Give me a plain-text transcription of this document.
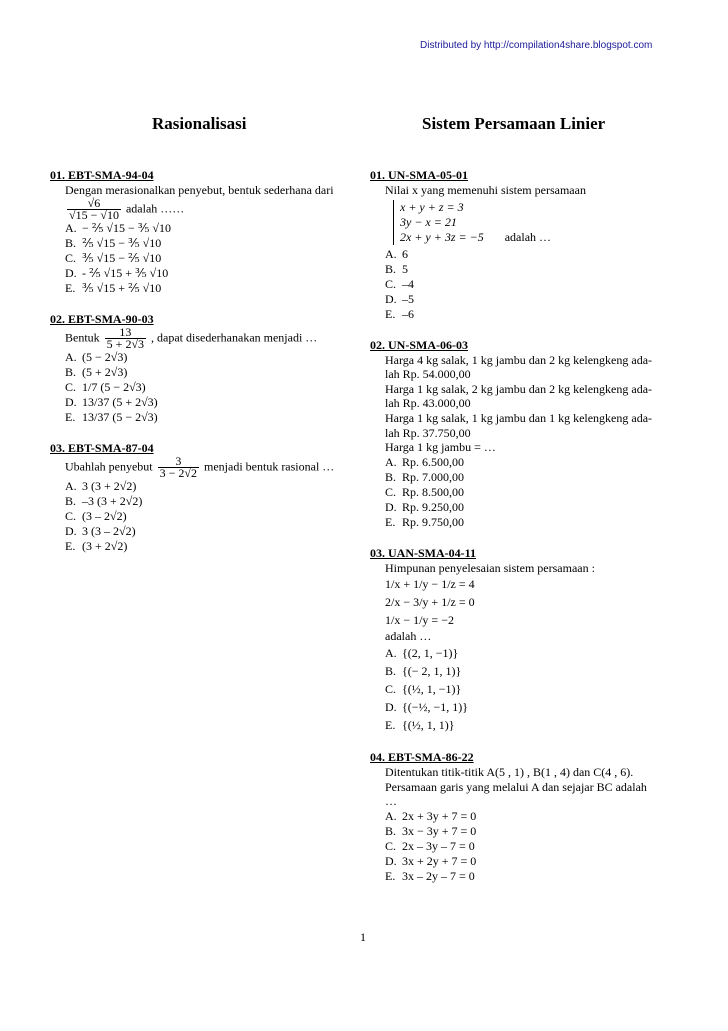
Distributed by http://compilation4share.blogspot.com
Rasionalisasi	Sistem Persamaan Linier
01. EBT-SMA-94-04
Dengan merasionalkan penyebut, bentuk sederhana dari
$\frac{√6}{√15 - √10}$ adalah ……
A. − ⅖ √15 − ⅗ √10
B. ⅖ √15 − ⅗ √10
C. ⅗ √15 − ⅖ √10
D. - ⅖ √15 + ⅗ √10
E. ⅗ √15 + ⅖ √10
02. EBT-SMA-90-03
Bentuk $\frac{13}{5 + 2√3}$ , dapat disederhanakan menjadi …
A. (5 − 2√3)
B. (5 + 2√3)
C. 1/7 (5 − 2√3)
D. 13/37 (5 + 2√3)
E. 13/37 (5 − 2√3)
03. EBT-SMA-87-04
Ubahlah penyebut $\frac{3}{3 - 2√2}$ menjadi bentuk rasional …
A. 3 (3 + 2√2)
B. –3 (3 + 2√2)
C. (3 – 2√2)
D. 3 (3 – 2√2)
E. (3 + 2√2)
01. UN-SMA-05-01
Nilai x yang memenuhi sistem persamaan
x + y + z = 3
3y − x = 21
2x + y + 3z = −5 adalah …
A. 6
B. 5
C. –4
D. –5
E. –6
02. UN-SMA-06-03
Harga 4 kg salak, 1 kg jambu dan 2 kg kelengkeng ada-
lah Rp. 54.000,00
Harga 1 kg salak, 2 kg jambu dan 2 kg kelengkeng ada-
lah Rp. 43.000,00
Harga 1 kg salak, 1 kg jambu dan 1 kg kelengkeng ada-
lah Rp. 37.750,00
Harga 1 kg jambu = …
A. Rp. 6.500,00
B. Rp. 7.000,00
C. Rp. 8.500,00
D. Rp. 9.250,00
E. Rp. 9.750,00
03. UAN-SMA-04-11
Himpunan penyelesaian sistem persamaan :
1/x + 1/y − 1/z = 4
2/x − 3/y + 1/z = 0
1/x − 1/y = −2
adalah …
A. {(2, 1, −1)}
B. {(− 2, 1, 1)}
C. {(½, 1, −1)}
D. {(−½, −1, 1)}
E. {(½, 1, 1)}
04. EBT-SMA-86-22
Ditentukan titik-titik A(5 , 1) , B(1 , 4) dan C(4 , 6).
Persamaan garis yang melalui A dan sejajar BC adalah
…
A. 2x + 3y + 7 = 0
B. 3x − 3y + 7 = 0
C. 2x – 3y – 7 = 0
D. 3x + 2y + 7 = 0
E. 3x – 2y – 7 = 0
1
